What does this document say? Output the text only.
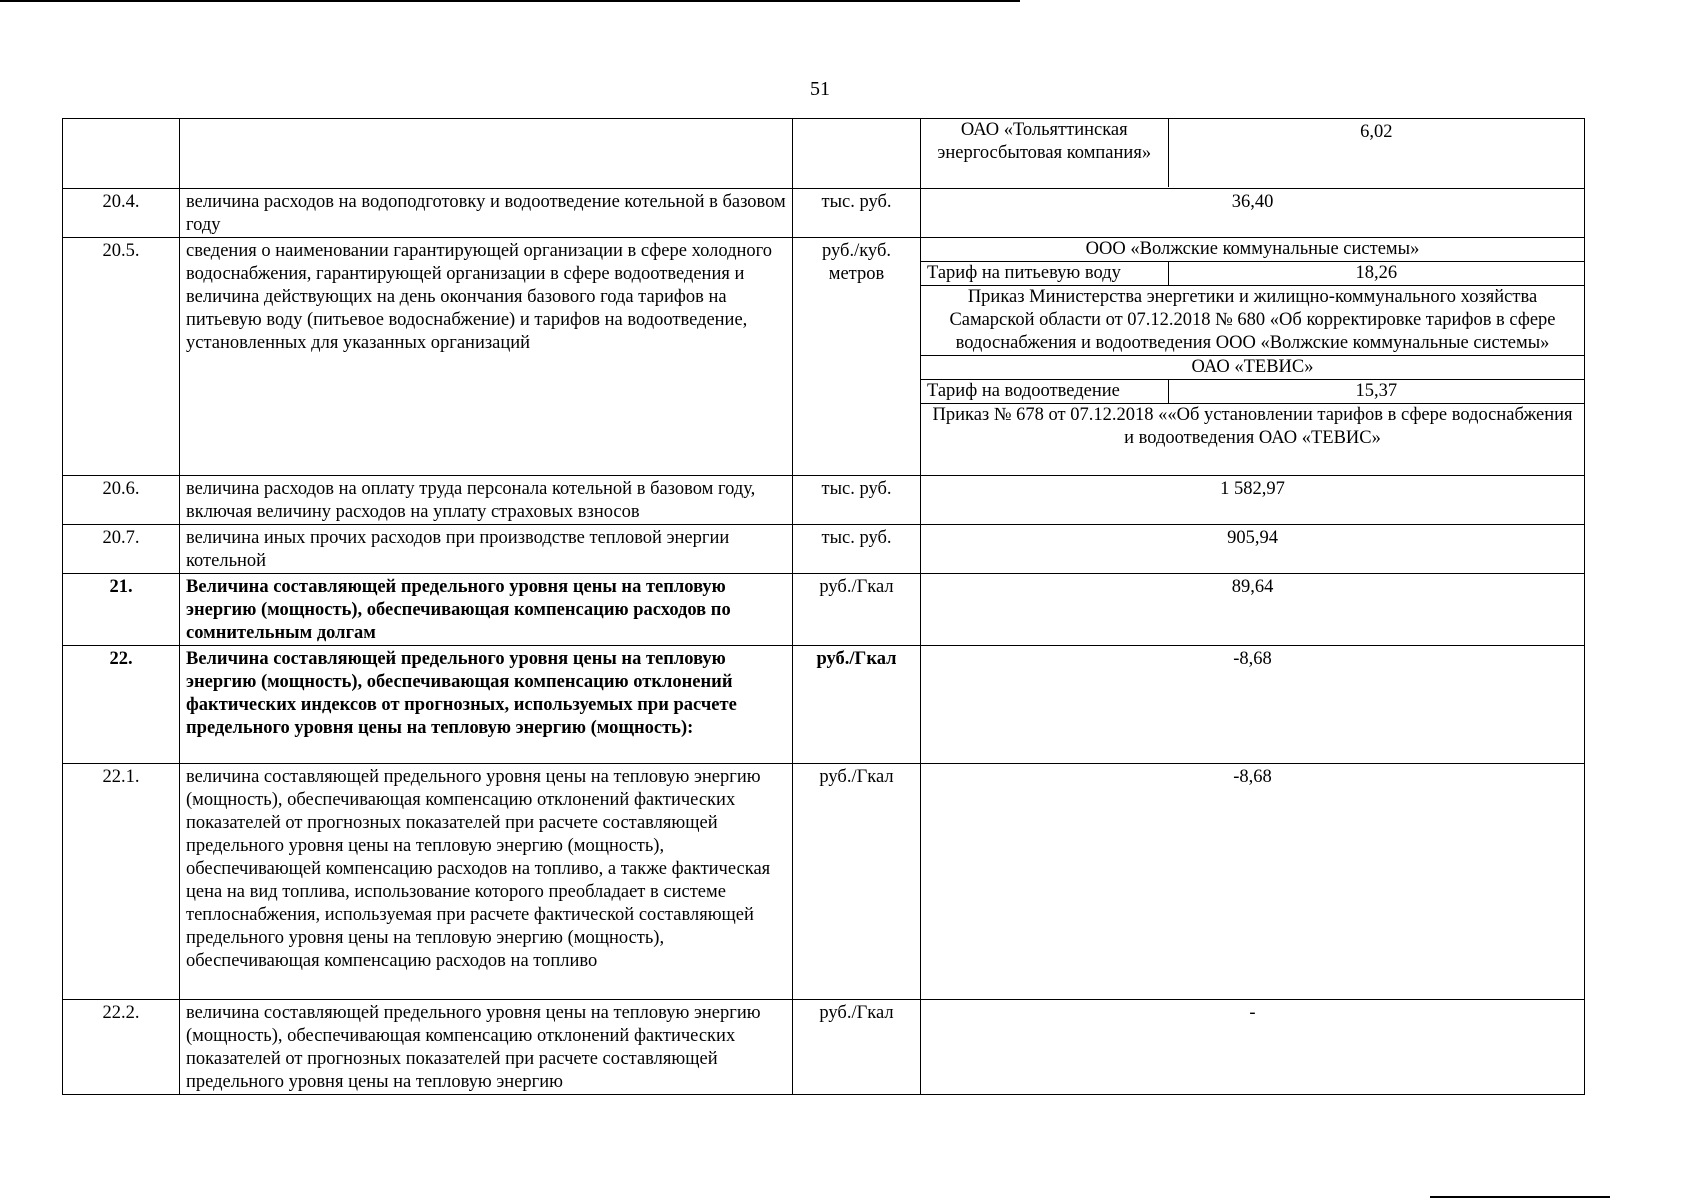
51

ОАО «Тольяттинская энергосбытовая компания»	6,02

20.4.	величина расходов на водоподготовку и водоотведение котельной в базовом году	тыс. руб.	36,40
20.5.	сведения о наименовании гарантирующей организации в сфере холодного водоснабжения, гарантирующей организации в сфере водоотведения и величина действующих на день окончания базового года тарифов на питьевую воду (питьевое водоснабжение) и тарифов на водоотведение, установленных для указанных организаций	руб./куб. метров	
ООО «Волжские коммунальные системы»
Тариф на питьевую воду	18,26
Приказ Министерства энергетики и жилищно-коммунального хозяйства Самарской области от 07.12.2018 № 680 «Об корректировке тарифов в сфере водоснабжения и водоотведения ООО «Волжские коммунальные системы»
ОАО «ТЕВИС»
Тариф на водоотведение	15,37
Приказ № 678 от 07.12.2018 ««Об установлении тарифов в сфере водоснабжения и водоотведения ОАО «ТЕВИС»

20.6.	величина расходов на оплату труда персонала котельной в базовом году, включая величину расходов на уплату страховых взносов	тыс. руб.	1 582,97
20.7.	величина иных прочих расходов при производстве тепловой энергии котельной	тыс. руб.	905,94
21.	Величина составляющей предельного уровня цены на тепловую энергию (мощность), обеспечивающая компенсацию расходов по сомнительным долгам	руб./Гкал	89,64
22.	Величина составляющей предельного уровня цены на тепловую энергию (мощность), обеспечивающая компенсацию отклонений фактических индексов от прогнозных, используемых при расчете предельного уровня цены на тепловую энергию (мощность):	руб./Гкал	-8,68
22.1.	величина составляющей предельного уровня цены на тепловую энергию (мощность), обеспечивающая компенсацию отклонений фактических показателей от прогнозных показателей при расчете составляющей предельного уровня цены на тепловую энергию (мощность), обеспечивающей компенсацию расходов на топливо, а также фактическая цена на вид топлива, использование которого преобладает в системе теплоснабжения, используемая при расчете фактической составляющей предельного уровня цены на тепловую энергию (мощность), обеспечивающая компенсацию расходов на топливо	руб./Гкал	-8,68
22.2.	величина составляющей предельного уровня цены на тепловую энергию (мощность), обеспечивающая компенсацию отклонений фактических показателей от прогнозных показателей при расчете составляющей предельного уровня цены на тепловую энергию	руб./Гкал	-
